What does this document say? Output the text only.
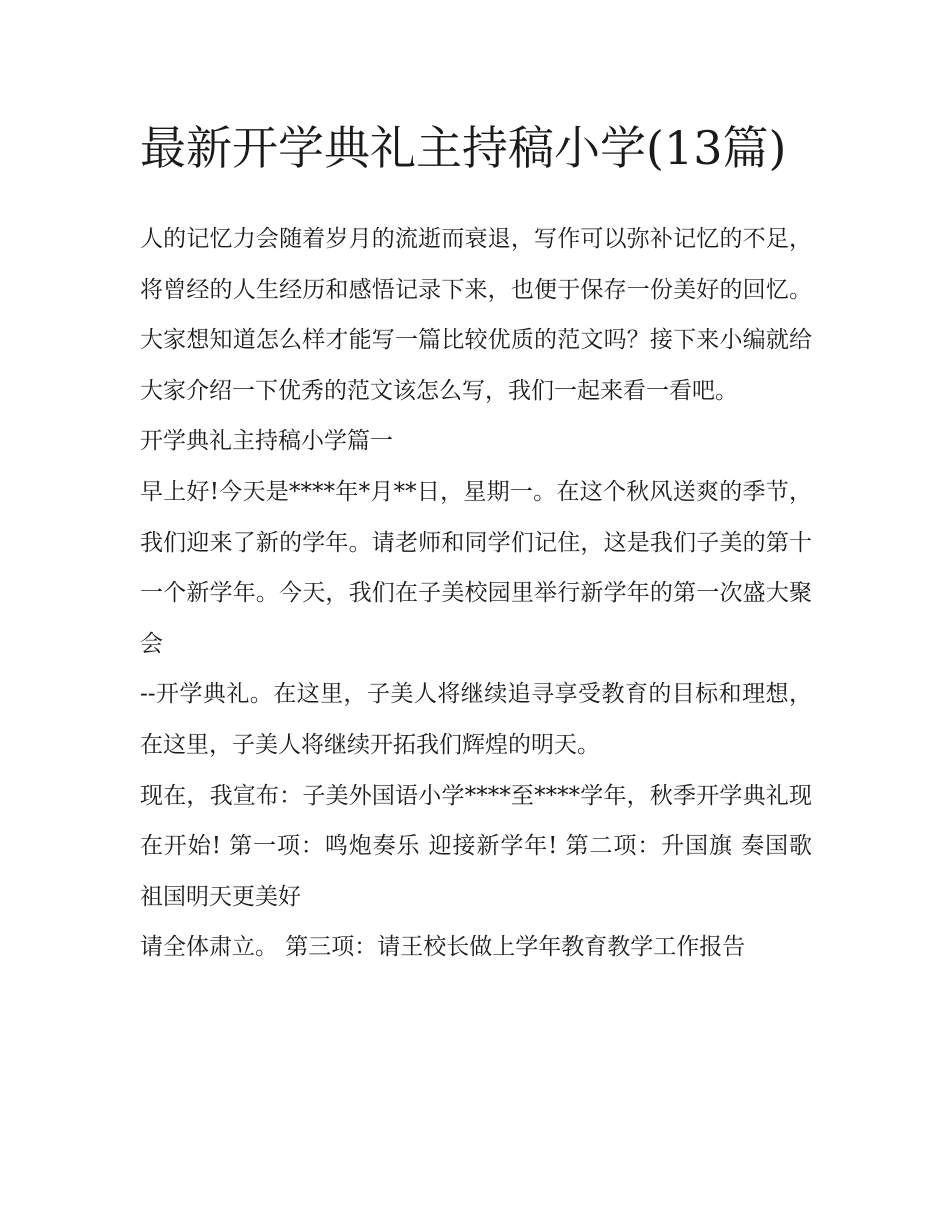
最新开学典礼主持稿小学(13篇)

人的记忆力会随着岁月的流逝而衰退，写作可以弥补记忆的不足，将曾经的人生经历和感悟记录下来，也便于保存一份美好的回忆。大家想知道怎么样才能写一篇比较优质的范文吗？接下来小编就给大家介绍一下优秀的范文该怎么写，我们一起来看一看吧。

开学典礼主持稿小学篇一

早上好!今天是****年*月**日，星期一。在这个秋风送爽的季节，我们迎来了新的学年。请老师和同学们记住，这是我们子美的第十一个新学年。今天，我们在子美校园里举行新学年的第一次盛大聚会

--开学典礼。在这里，子美人将继续追寻享受教育的目标和理想，在这里，子美人将继续开拓我们辉煌的明天。

现在，我宣布：子美外国语小学****至****学年，秋季开学典礼现在开始! 第一项：鸣炮奏乐 迎接新学年! 第二项：升国旗 奏国歌 祖国明天更美好

请全体肃立。 第三项：请王校长做上学年教育教学工作报告
